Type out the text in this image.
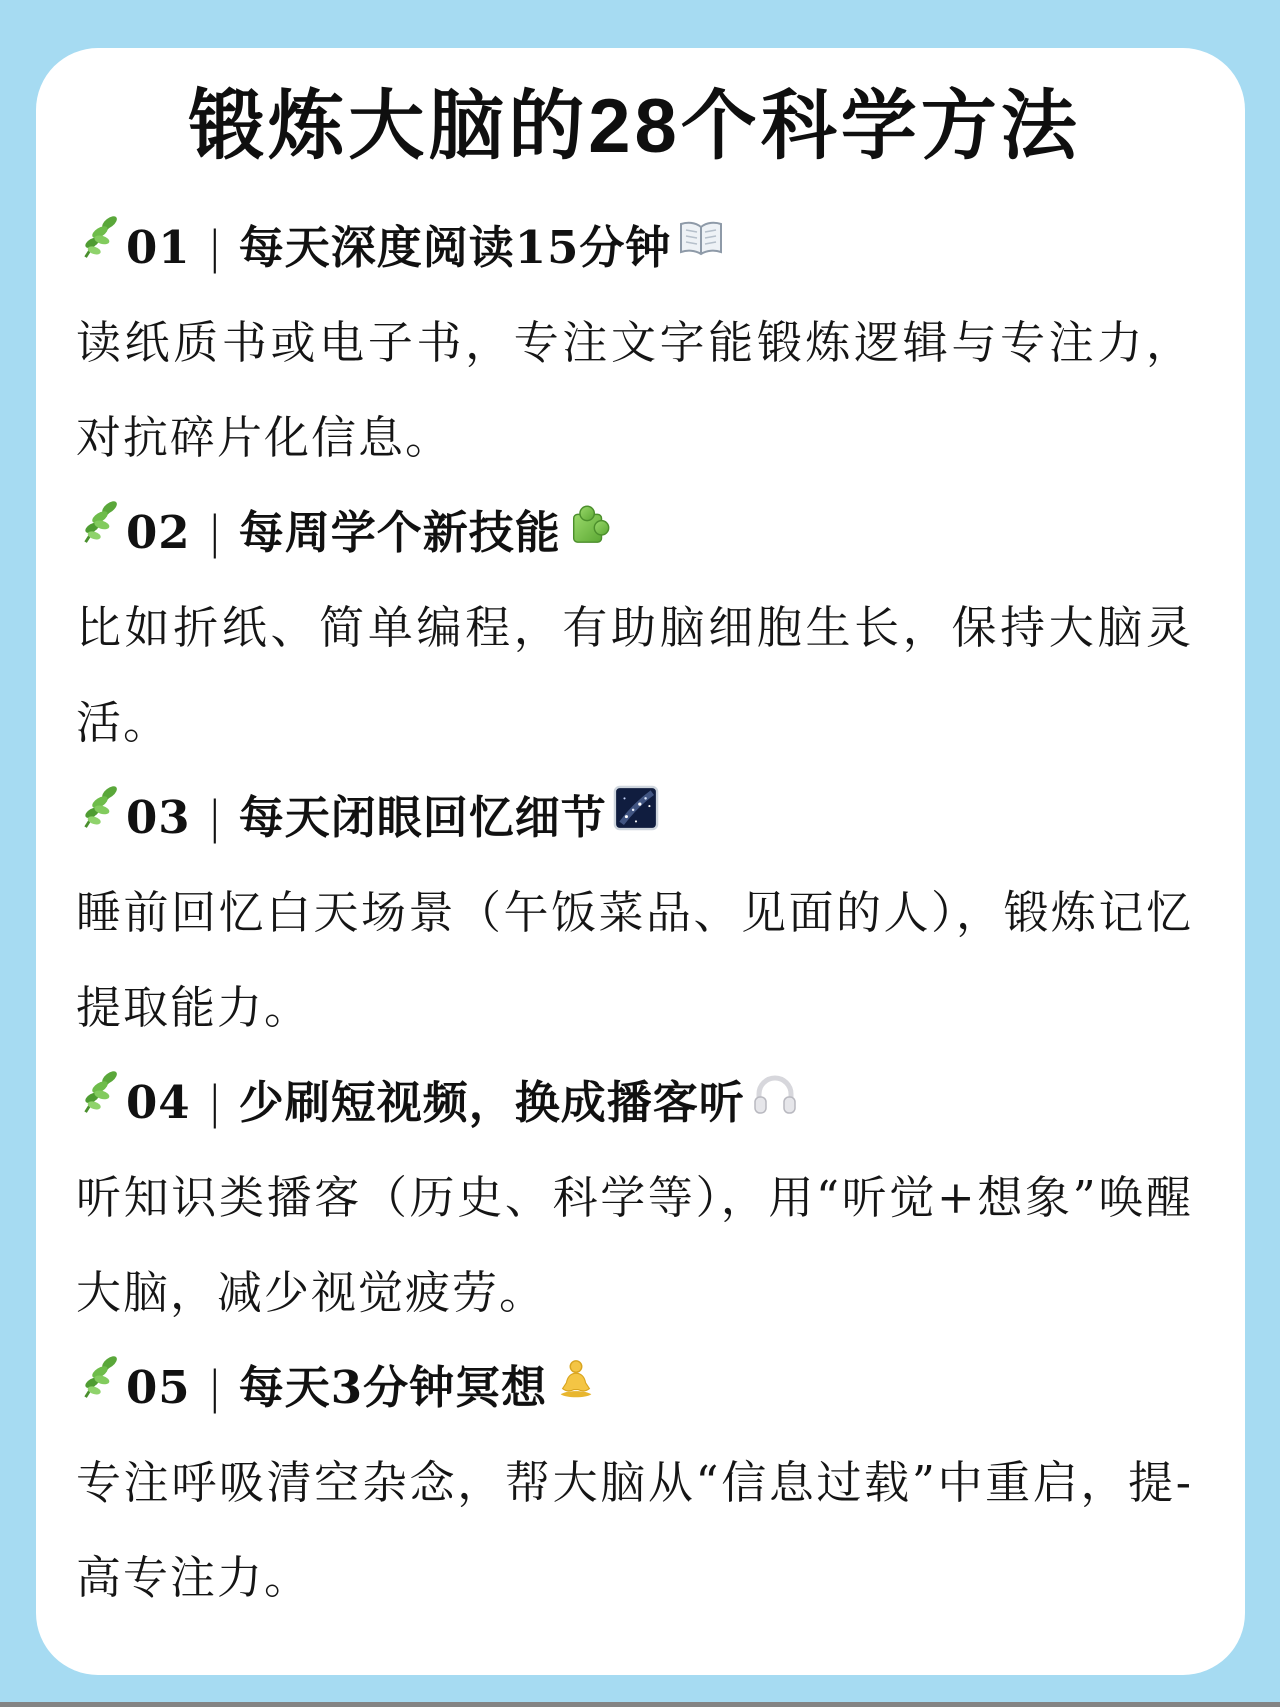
锻炼大脑的28个科学方法
01 | 每天深度阅读15分钟

读纸质书或电子书，专注文字能锻炼逻辑与专注力，对抗碎片化信息。

02 | 每周学个新技能

比如折纸、简单编程，有助脑细胞生长，保持大脑灵活。

03 | 每天闭眼回忆细节

睡前回忆白天场景（午饭菜品、见面的人），锻炼记忆提取能力。

04 | 少刷短视频，换成播客听

听知识类播客（历史、科学等），用“听觉+想象”唤醒大脑，减少视觉疲劳。

05 | 每天3分钟冥想

专注呼吸清空杂念，帮大脑从“信息过载”中重启，提-高专注力。
